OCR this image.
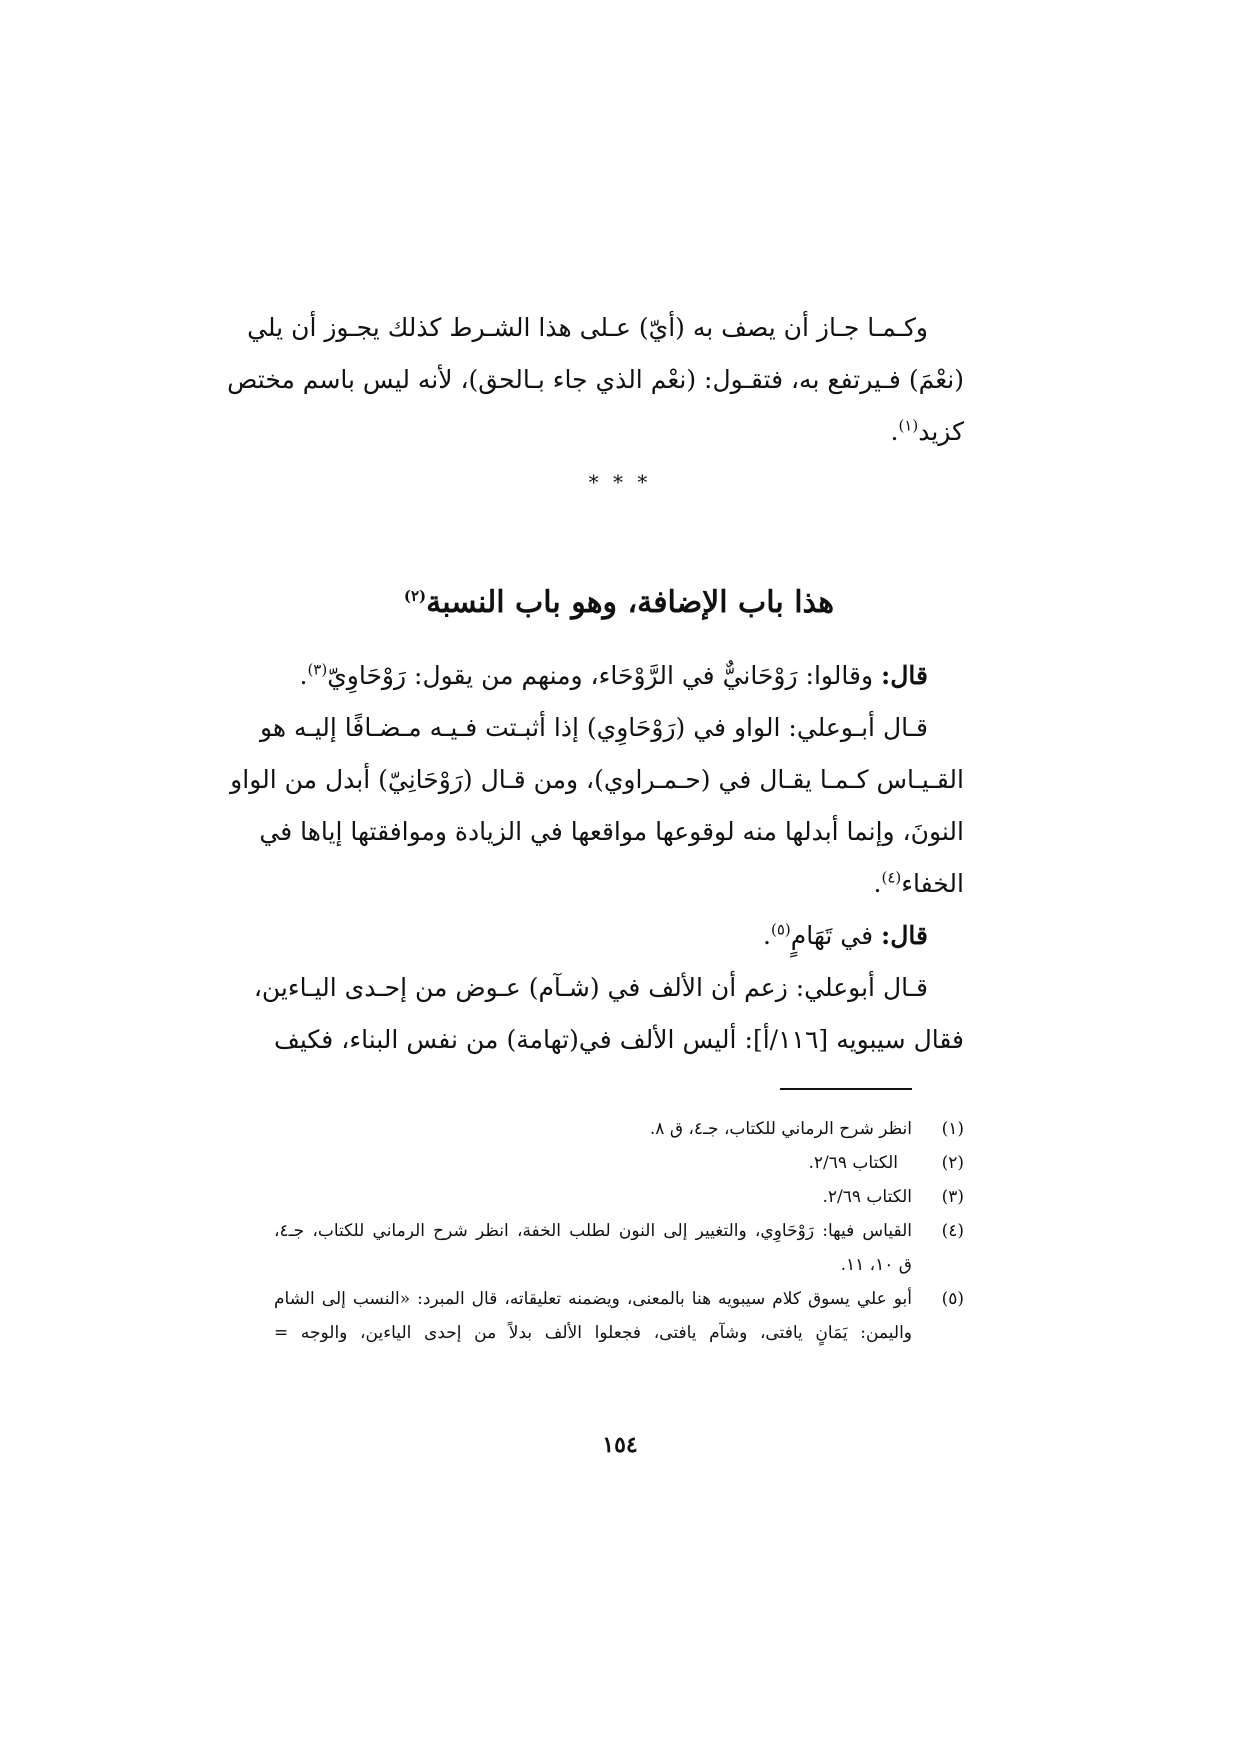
وكـمـا جـاز أن يصف به (أيّ) عـلى هذا الشـرط كذلك يجـوز أن يلي
(نعْمَ) فـيرتفع به، فتقـول: (نعْم الذي جاء بـالحق)، لأنه ليس باسم مختص
كزيد$^{(١)}$.
* * *
هذا باب الإضافة، وهو باب النسبة$^{(٢)}$
قال: وقالوا: رَوْحَانيٌّ في الرَّوْحَاء، ومنهم من يقول: رَوْحَاوِيّ$^{(٣)}$.
قـال أبـوعلي: الواو في (رَوْحَاوِي) إذا أثبـتت فـيـه مـضـافًا إليـه هو
القـيـاس كـمـا يقـال في (حـمـراوي)، ومن قـال (رَوْحَانِيّ) أبدل من الواو
النونَ، وإنما أبدلها منه لوقوعها مواقعها في الزيادة وموافقتها إياها في
الخفاء$^{(٤)}$.
قال: في تَهَامٍ$^{(٥)}$.
قـال أبوعلي: زعم أن الألف في (شـآم) عـوض من إحـدى اليـاءين،
فقال سيبويه [١١٦/أ]: أليس الألف في(تهامة) من نفس البناء، فكيف
(١)
انظر شرح الرماني للكتاب، جـ٤، ق ٨.
(٢)
الكتاب ٢/٦٩.
(٣)
الكتاب ٢/٦٩.
(٤)
القياس فيها: رَوْحَاوِي، والتغيير إلى النون لطلب الخفة، انظر شرح الرماني للكتاب، جـ٤،
ق ١٠، ١١.
(٥)
أبو علي يسوق كلام سيبويه هنا بالمعنى، ويضمنه تعليقاته، قال المبرد: «النسب إلى الشام
واليمن: يَمَانٍ يافتى، وشآم يافتى، فجعلوا الألف بدلاً من إحدى الياءين، والوجه =
١٥٤
